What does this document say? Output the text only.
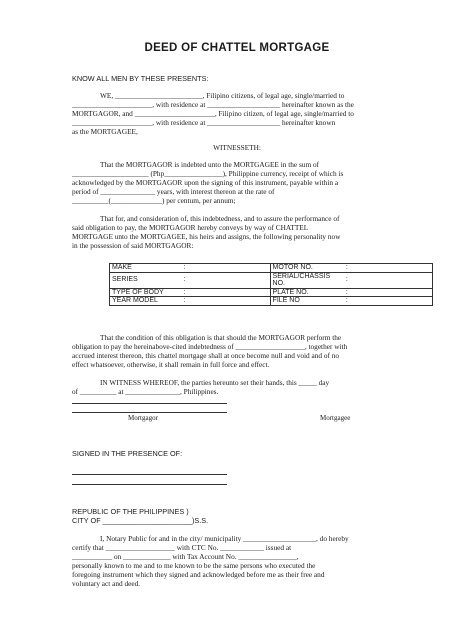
DEED OF CHATTEL MORTGAGE
KNOW ALL MEN BY THESE PRESENTS:
WE, ________________________, Filipino citizens, of legal age, single/married to
______________________, with residence at ____________________ hereinafter known as the
MORTGAGOR, and ______________________, Filipino citizen, of legal age, single/married to
______________________, with residence at ____________________ hereinafter known
as the MORTGAGEE,
WITNESSETH:
That the MORTGAGOR is indebted unto the MORTGAGEE in the sum of
_____________________ (Php________________), Philippine currency, receipt of which is
acknowledged by the MORTGAGOR upon the signing of this instrument, payable within a
period of _______________ years, with interest thereon at the rate of
__________(______________) per centum, per annum;
That for, and consideration of, this indebtedness, and to assure the performance of
said obligation to pay, the MORTGAGOR hereby conveys by way of CHATTEL
MORTGAGE unto the MORTGAGEE, his heirs and assigns, the following personality now
in the possession of said MORTGAGOR:
MAKE	:	MOTOR NO.	:
SERIES	:	SERIAL/CHASSIS NO.	:
TYPE OF BODY	:	PLATE NO.	:
YEAR MODEL	:	FILE NO	:
That the condition of this obligation is that should the MORTGAGOR perform the
obligation to pay the hereinabove-cited indebtedness of ___________________, together with
accrued interest thereon, this chattel mortgage shall at once become null and void and of no
effect whatsoever, otherwise, it shall remain in full force and effect.
IN WITNESS WHEREOF, the parties hereunto set their hands, this _____ day
of __________ at _______________, Philippines.
Mortgagor	Mortgagee
SIGNED IN THE PRESENCE OF:
REPUBLIC OF THE PHILIPPINES )
CITY OF ______________________)S.S.
I, Notary Public for and in the city/ municipality ____________________, do hereby
certify that ___________________ with CTC No. ____________ issued at
___________ on _____________ with Tax Account No. ________________,
personally known to me and to me known to be the same persons who executed the
foregoing instrument which they signed and acknowledged before me as their free and
voluntary act and deed.
